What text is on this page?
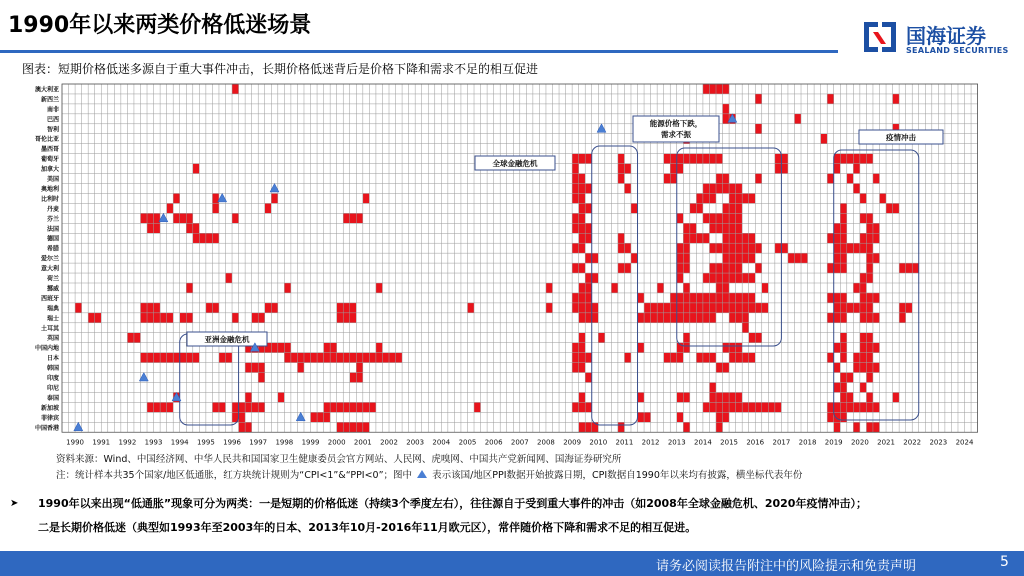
1990年以来两类价格低迷场景	国海证券
SEALAND SECURITIES
图表：短期价格低迷多源自于重大事件冲击，长期价格低迷背后是价格下降和需求不足的相互促进
澳大利亚
新西兰
南非
巴西
智利
哥伦比亚
墨西哥
葡萄牙
加拿大
美国
奥地利
比利时
丹麦
芬兰
法国
德国
希腊
爱尔兰
意大利
荷兰
挪威
西班牙
瑞典
瑞士
土耳其
英国
中国内地
日本
韩国
印度
印尼
泰国
新加坡
菲律宾
中国香港
1990 1991 1992 1993 1994 1995 1996 1997 1998 1999 2000 2001 2002 2003 2004 2005 2006 2007 2008 2009 2010 2011 2012 2013 2014 2015 2016 2017 2018 2019 2020 2021 2022 2023 2024
能源价格下跌，
需求不振	疫情冲击
全球金融危机
亚洲金融危机
资料来源：Wind、中国经济网、中华人民共和国国家卫生健康委员会官方网站、人民网、虎嗅网、中国共产党新闻网、国海证券研究所
注：统计样本共35个国家/地区低通胀，红方块统计规则为“CPI<1”&“PPI<0”；图中 表示该国/地区PPI数据开始披露日期，CPI数据自1990年以来均有披露，横坐标代表年份
➤ 1990年以来出现“低通胀”现象可分为两类：一是短期的价格低迷（持续3个季度左右），往往源自于受到重大事件的冲击（如2008年全球金融危机、2020年疫情冲击）；
二是长期价格低迷（典型如1993年至2003年的日本、2013年10月-2016年11月欧元区），常伴随价格下降和需求不足的相互促进。
请务必阅读报告附注中的风险提示和免责声明	5
